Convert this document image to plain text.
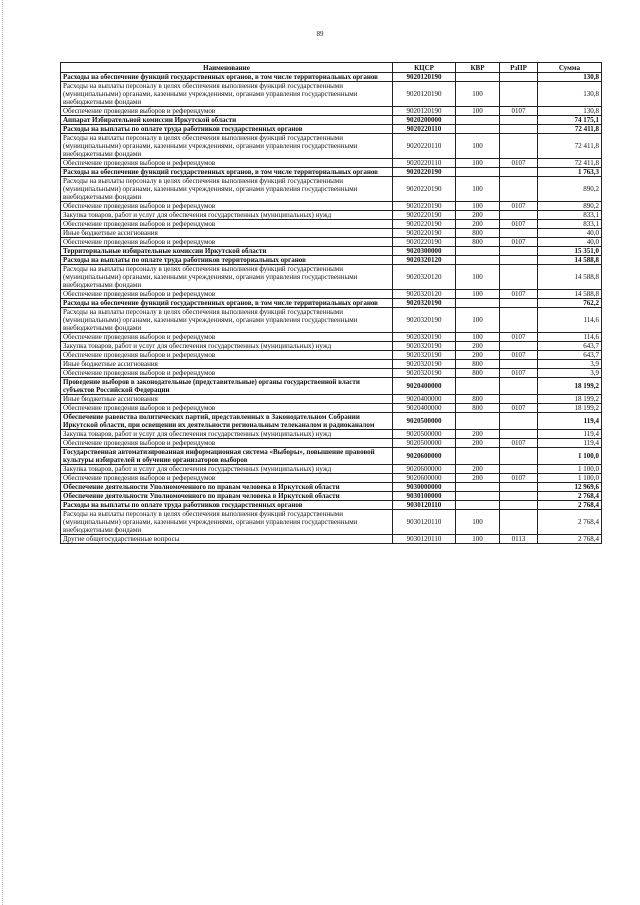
89
Наименование	КЦСР	КВР	РзПР	Сумма
Расходы на обеспечение функций государственных органов, в том числе территориальных органов	9020120190			130,8
Расходы на выплаты персоналу в целях обеспечения выполнения функций государственными (муниципальными) органами, казенными учреждениями, органами управления государственными внебюджетными фондами	9020120190	100		130,8
Обеспечение проведения выборов и референдумов	9020120190	100	0107	130,8
Аппарат Избирательной комиссии Иркутской области	9020200000			74 175,1
Расходы на выплаты по оплате труда работников государственных органов	9020220110			72 411,8
Расходы на выплаты персоналу в целях обеспечения выполнения функций государственными (муниципальными) органами, казенными учреждениями, органами управления государственными внебюджетными фондами	9020220110	100		72 411,8
Обеспечение проведения выборов и референдумов	9020220110	100	0107	72 411,8
Расходы на обеспечение функций государственных органов, в том числе территориальных органов	9020220190			1 763,3
Расходы на выплаты персоналу в целях обеспечения выполнения функций государственными (муниципальными) органами, казенными учреждениями, органами управления государственными внебюджетными фондами	9020220190	100		890,2
Обеспечение проведения выборов и референдумов	9020220190	100	0107	890,2
Закупка товаров, работ и услуг для обеспечения государственных (муниципальных) нужд	9020220190	200		833,1
Обеспечение проведения выборов и референдумов	9020220190	200	0107	833,1
Иные бюджетные ассигнования	9020220190	800		40,0
Обеспечение проведения выборов и референдумов	9020220190	800	0107	40,0
Территориальные избирательные комиссии Иркутской области	9020300000			15 351,0
Расходы на выплаты по оплате труда работников территориальных органов	9020320120			14 588,8
Расходы на выплаты персоналу в целях обеспечения выполнения функций государственными (муниципальными) органами, казенными учреждениями, органами управления государственными внебюджетными фондами	9020320120	100		14 588,8
Обеспечение проведения выборов и референдумов	9020320120	100	0107	14 588,8
Расходы на обеспечение функций государственных органов, в том числе территориальных органов	9020320190			762,2
Расходы на выплаты персоналу в целях обеспечения выполнения функций государственными (муниципальными) органами, казенными учреждениями, органами управления государственными внебюджетными фондами	9020320190	100		114,6
Обеспечение проведения выборов и референдумов	9020320190	100	0107	114,6
Закупка товаров, работ и услуг для обеспечения государственных (муниципальных) нужд	9020320190	200		643,7
Обеспечение проведения выборов и референдумов	9020320190	200	0107	643,7
Иные бюджетные ассигнования	9020320190	800		3,9
Обеспечение проведения выборов и референдумов	9020320190	800	0107	3,9
Проведение выборов в законодательные (представительные) органы государственной власти субъектов Российской Федерации	9020400000			18 199,2
Иные бюджетные ассигнования	9020400000	800		18 199,2
Обеспечение проведения выборов и референдумов	9020400000	800	0107	18 199,2
Обеспечение равенства политических партий, представленных в Законодательном Собрании Иркутской области, при освещении их деятельности региональным телеканалом и радиоканалом	9020500000			119,4
Закупка товаров, работ и услуг для обеспечения государственных (муниципальных) нужд	9020500000	200		119,4
Обеспечение проведения выборов и референдумов	9020500000	200	0107	119,4
Государственная автоматизированная информационная система «Выборы», повышение правовой культуры избирателей и обучение организаторов выборов	9020600000			1 100,0
Закупка товаров, работ и услуг для обеспечения государственных (муниципальных) нужд	9020600000	200		1 100,0
Обеспечение проведения выборов и референдумов	9020600000	200	0107	1 100,0
Обеспечение деятельности Уполномоченного по правам человека в Иркутской области	9030000000			12 969,6
Обеспечение деятельности Уполномоченного по правам человека в Иркутской области	9030100000			2 768,4
Расходы на выплаты по оплате труда работников государственных органов	9030120110			2 768,4
Расходы на выплаты персоналу в целях обеспечения выполнения функций государственными (муниципальными) органами, казенными учреждениями, органами управления государственными внебюджетными фондами	9030120110	100		2 768,4
Другие общегосударственные вопросы	9030120110	100	0113	2 768,4
